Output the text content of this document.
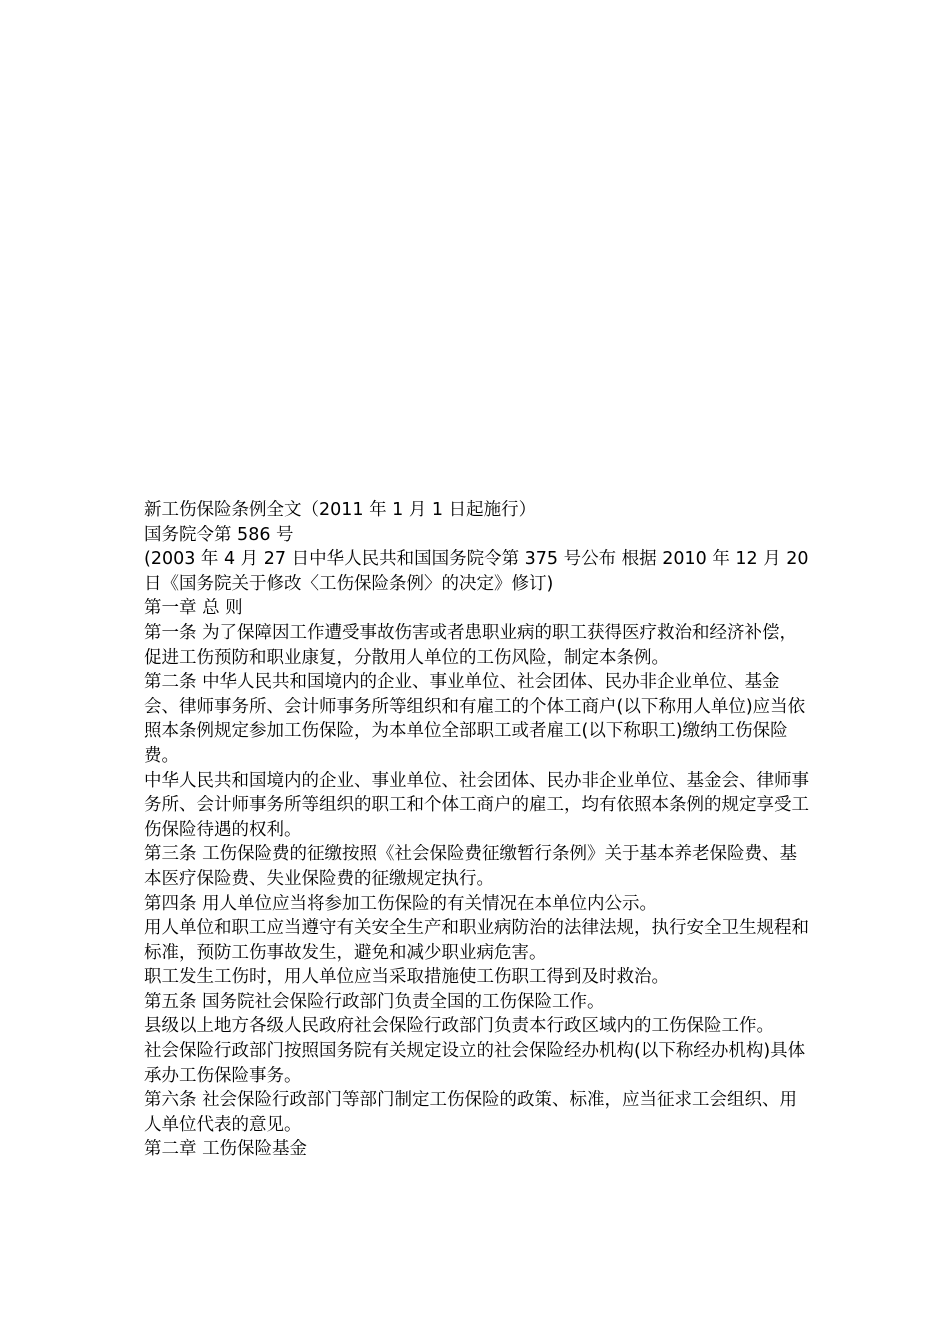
新工伤保险条例全文（2011 年 1 月 1 日起施行）

国务院令第 586 号

(2003 年 4 月 27 日中华人民共和国国务院令第 375 号公布 根据 2010 年 12 月 20 日《国务院关于修改〈工伤保险条例〉的决定》修订)

第一章 总 则

第一条 为了保障因工作遭受事故伤害或者患职业病的职工获得医疗救治和经济补偿，促进工伤预防和职业康复，分散用人单位的工伤风险，制定本条例。

第二条 中华人民共和国境内的企业、事业单位、社会团体、民办非企业单位、基金会、律师事务所、会计师事务所等组织和有雇工的个体工商户(以下称用人单位)应当依照本条例规定参加工伤保险，为本单位全部职工或者雇工(以下称职工)缴纳工伤保险费。

中华人民共和国境内的企业、事业单位、社会团体、民办非企业单位、基金会、律师事务所、会计师事务所等组织的职工和个体工商户的雇工，均有依照本条例的规定享受工伤保险待遇的权利。

第三条 工伤保险费的征缴按照《社会保险费征缴暂行条例》关于基本养老保险费、基本医疗保险费、失业保险费的征缴规定执行。

第四条 用人单位应当将参加工伤保险的有关情况在本单位内公示。

用人单位和职工应当遵守有关安全生产和职业病防治的法律法规，执行安全卫生规程和标准，预防工伤事故发生，避免和减少职业病危害。

职工发生工伤时，用人单位应当采取措施使工伤职工得到及时救治。

第五条 国务院社会保险行政部门负责全国的工伤保险工作。

县级以上地方各级人民政府社会保险行政部门负责本行政区域内的工伤保险工作。

社会保险行政部门按照国务院有关规定设立的社会保险经办机构(以下称经办机构)具体承办工伤保险事务。

第六条 社会保险行政部门等部门制定工伤保险的政策、标准，应当征求工会组织、用人单位代表的意见。

第二章 工伤保险基金
